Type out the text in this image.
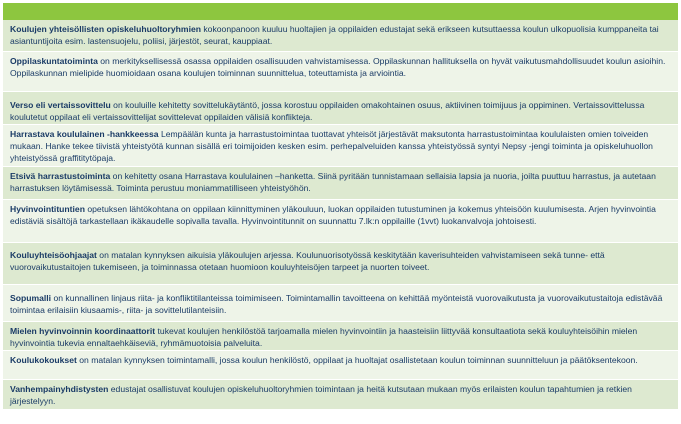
Koulujen yhteisöllisten opiskeluhuoltoryhmien kokoonpanoon kuuluu huoltajien ja oppilaiden edustajat sekä erikseen kutsuttaessa koulun ulkopuolisia kumppaneita tai asiantuntijoita esim. lastensuojelu, poliisi, järjestöt, seurat, kauppiaat.
Oppilaskuntatoiminta on merkityksellisessä osassa oppilaiden osallisuuden vahvistamisessa. Oppilaskunnan hallituksella on hyvät vaikutusmahdollisuudet koulun asioihin. Oppilaskunnan mielipide huomioidaan osana koulujen toiminnan suunnittelua, toteuttamista ja arviointia.
Verso eli vertaissovittelu on kouluille kehitetty sovittelukäytäntö, jossa korostuu oppilaiden omakohtainen osuus, aktiivinen toimijuus ja oppiminen. Vertaissovittelussa koulutetut oppilaat eli vertaissovittelijat sovittelevat oppilaiden välisiä konflikteja.
Harrastava koululainen -hankkeessa Lempäälän kunta ja harrastustoimintaa tuottavat yhteisöt järjestävät maksutonta harrastustoimintaa koululaisten omien toiveiden mukaan. Hanke tekee tiivistä yhteistyötä kunnan sisällä eri toimijoiden kesken esim. perhepalveluiden kanssa yhteistyössä syntyi Nepsy -jengi toiminta ja opiskeluhuollon yhteistyössä graffititytöpaja.
Etsivä harrastustoiminta on kehitetty osana Harrastava koululainen –hanketta. Siinä pyritään tunnistamaan sellaisia lapsia ja nuoria, joilta puuttuu harrastus, ja autetaan harrastuksen löytämisessä. Toiminta perustuu moniammatilliseen yhteistyöhön.
Hyvinvointituntien opetuksen lähtökohtana on oppilaan kiinnittyminen yläkouluun, luokan oppilaiden tutustuminen ja kokemus yhteisöön kuulumisesta. Arjen hyvinvointia edistäviä sisältöjä tarkastellaan ikäkaudelle sopivalla tavalla. Hyvinvointitunnit on suunnattu 7.lk:n oppilaille (1vvt) luokanvalvoja johtoisesti.
Kouluyhteisöohjaajat on matalan kynnyksen aikuisia yläkoulujen arjessa. Koulunuorisotyössä keskitytään kaverisuhteiden vahvistamiseen sekä tunne- että vuorovaikutustaitojen tukemiseen, ja toiminnassa otetaan huomioon kouluyhteisöjen tarpeet ja nuorten toiveet.
Sopumalli on kunnallinen linjaus riita- ja konfliktitilanteissa toimimiseen. Toimintamallin tavoitteena on kehittää myönteistä vuorovaikutusta ja vuorovaikutustaitoja edistävää toimintaa erilaisiin kiusaamis-, riita- ja sovittelutilanteisiin.
Mielen hyvinvoinnin koordinaattorit tukevat koulujen henkilöstöä tarjoamalla mielen hyvinvointiin ja haasteisiin liittyvää konsultaatiota sekä kouluyhteisöihin mielen hyvinvointia tukevia ennaltaehkäiseviä, ryhmämuotoisia palveluita.
Koulukokoukset on matalan kynnyksen toimintamalli, jossa koulun henkilöstö, oppilaat ja huoltajat osallistetaan koulun toiminnan suunnitteluun ja päätöksentekoon.
Vanhempainyhdistysten edustajat osallistuvat koulujen opiskeluhuoltoryhmien toimintaan ja heitä kutsutaan mukaan myös erilaisten koulun tapahtumien ja retkien järjestelyyn.
